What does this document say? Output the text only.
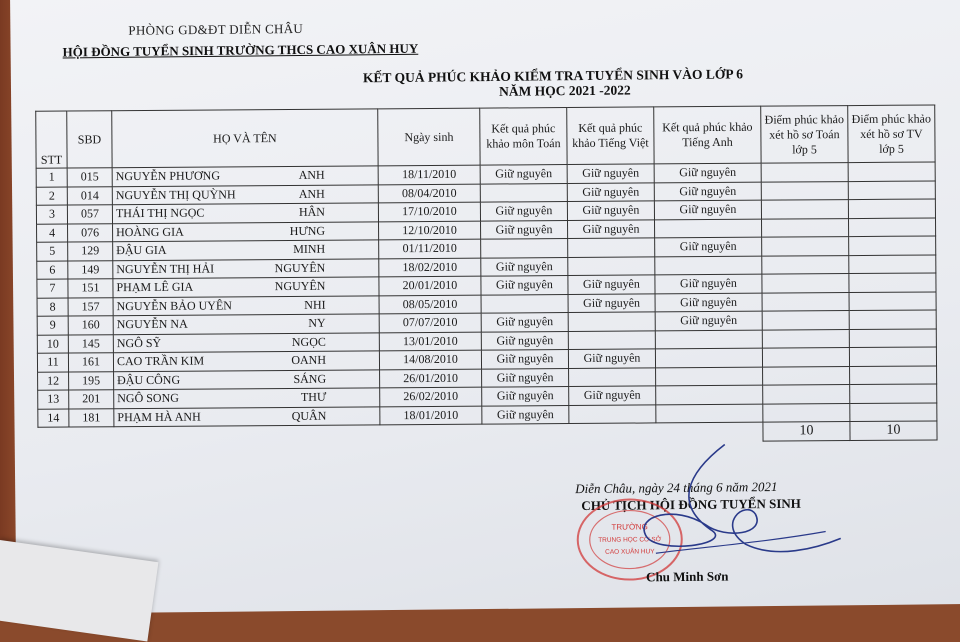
PHÒNG GD&ĐT DIỄN CHÂU
HỘI ĐỒNG TUYỂN SINH TRƯỜNG THCS CAO XUÂN HUY
KẾT QUẢ PHÚC KHẢO KIỂM TRA TUYỂN SINH VÀO LỚP 6
NĂM HỌC 2021 -2022
STT	SBD	HỌ VÀ TÊN	Ngày sinh	Kết quả phúc khảo môn Toán	Kết quả phúc khảo Tiếng Việt	Kết quả phúc khảo Tiếng Anh	Điểm phúc khảo xét hồ sơ Toán lớp 5	Điểm phúc khảo xét hồ sơ TV lớp 5
1	015	NGUYỄN PHƯƠNG ANH	18/11/2010	Giữ nguyên	Giữ nguyên	Giữ nguyên		
2	014	NGUYỄN THỊ QUỲNH ANH	08/04/2010		Giữ nguyên	Giữ nguyên		
3	057	THÁI THỊ NGỌC HÂN	17/10/2010	Giữ nguyên	Giữ nguyên	Giữ nguyên		
4	076	HOÀNG GIA HƯNG	12/10/2010	Giữ nguyên	Giữ nguyên			
5	129	ĐẬU GIA MINH	01/11/2010			Giữ nguyên		
6	149	NGUYỄN THỊ HẢI NGUYÊN	18/02/2010	Giữ nguyên				
7	151	PHẠM LÊ GIA NGUYÊN	20/01/2010	Giữ nguyên	Giữ nguyên	Giữ nguyên		
8	157	NGUYỄN BẢO UYÊN NHI	08/05/2010		Giữ nguyên	Giữ nguyên		
9	160	NGUYỄN NA NY	07/07/2010	Giữ nguyên		Giữ nguyên		
10	145	NGÔ SỸ NGỌC	13/01/2010	Giữ nguyên				
11	161	CAO TRẦN KIM OANH	14/08/2010	Giữ nguyên	Giữ nguyên			
12	195	ĐẬU CÔNG SÁNG	26/01/2010	Giữ nguyên				
13	201	NGÔ SONG THƯ	26/02/2010	Giữ nguyên	Giữ nguyên			
14	181	PHẠM HÀ ANH QUÂN	18/01/2010	Giữ nguyên				
							10	10
Diễn Châu, ngày 24 tháng 6 năm 2021
CHỦ TỊCH HỘI ĐỒNG TUYỂN SINH
TRƯỜNG
TRUNG HỌC CƠ SỞ
CAO XUÂN HUY
Chu Minh Sơn
